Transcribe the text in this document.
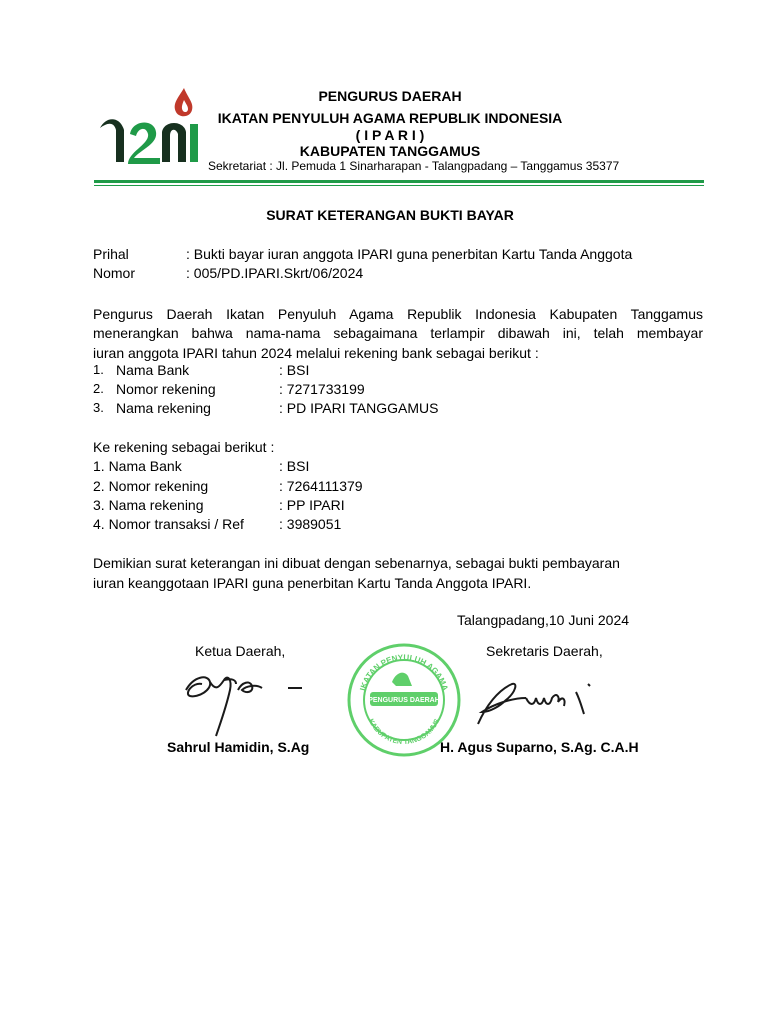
PENGURUS DAERAH
IKATAN PENYULUH AGAMA REPUBLIK INDONESIA
( I P A R I )
KABUPATEN TANGGAMUS
Sekretariat : Jl. Pemuda 1 Sinarharapan - Talangpadang – Tanggamus 35377
SURAT KETERANGAN BUKTI BAYAR
Prihal	: Bukti bayar iuran anggota IPARI guna penerbitan Kartu Tanda Anggota
Nomor	: 005/PD.IPARI.Skrt/06/2024
Pengurus Daerah Ikatan Penyuluh Agama Republik Indonesia Kabupaten Tanggamus
menerangkan bahwa nama-nama sebagaimana terlampir dibawah ini, telah membayar
iuran anggota IPARI tahun 2024 melalui rekening bank sebagai berikut :
1. Nama Bank	: BSI
2. Nomor rekening	: 7271733199
3. Nama rekening	: PD IPARI TANGGAMUS
Ke rekening sebagai berikut :
1. Nama Bank	: BSI
2. Nomor rekening	: 7264111379
3. Nama rekening	: PP IPARI
4. Nomor transaksi / Ref	: 3989051
Demikian surat keterangan ini dibuat dengan sebenarnya, sebagai bukti pembayaran
iuran keanggotaan IPARI guna penerbitan Kartu Tanda Anggota IPARI.
Talangpadang,10 Juni 2024
Ketua Daerah,	Sekretaris Daerah,
IKATAN PENYULUH AGAMA
PENGURUS DAERAH
KABUPATEN TANGGAMUS
Sahrul Hamidin, S.Ag	H. Agus Suparno, S.Ag. C.A.H
